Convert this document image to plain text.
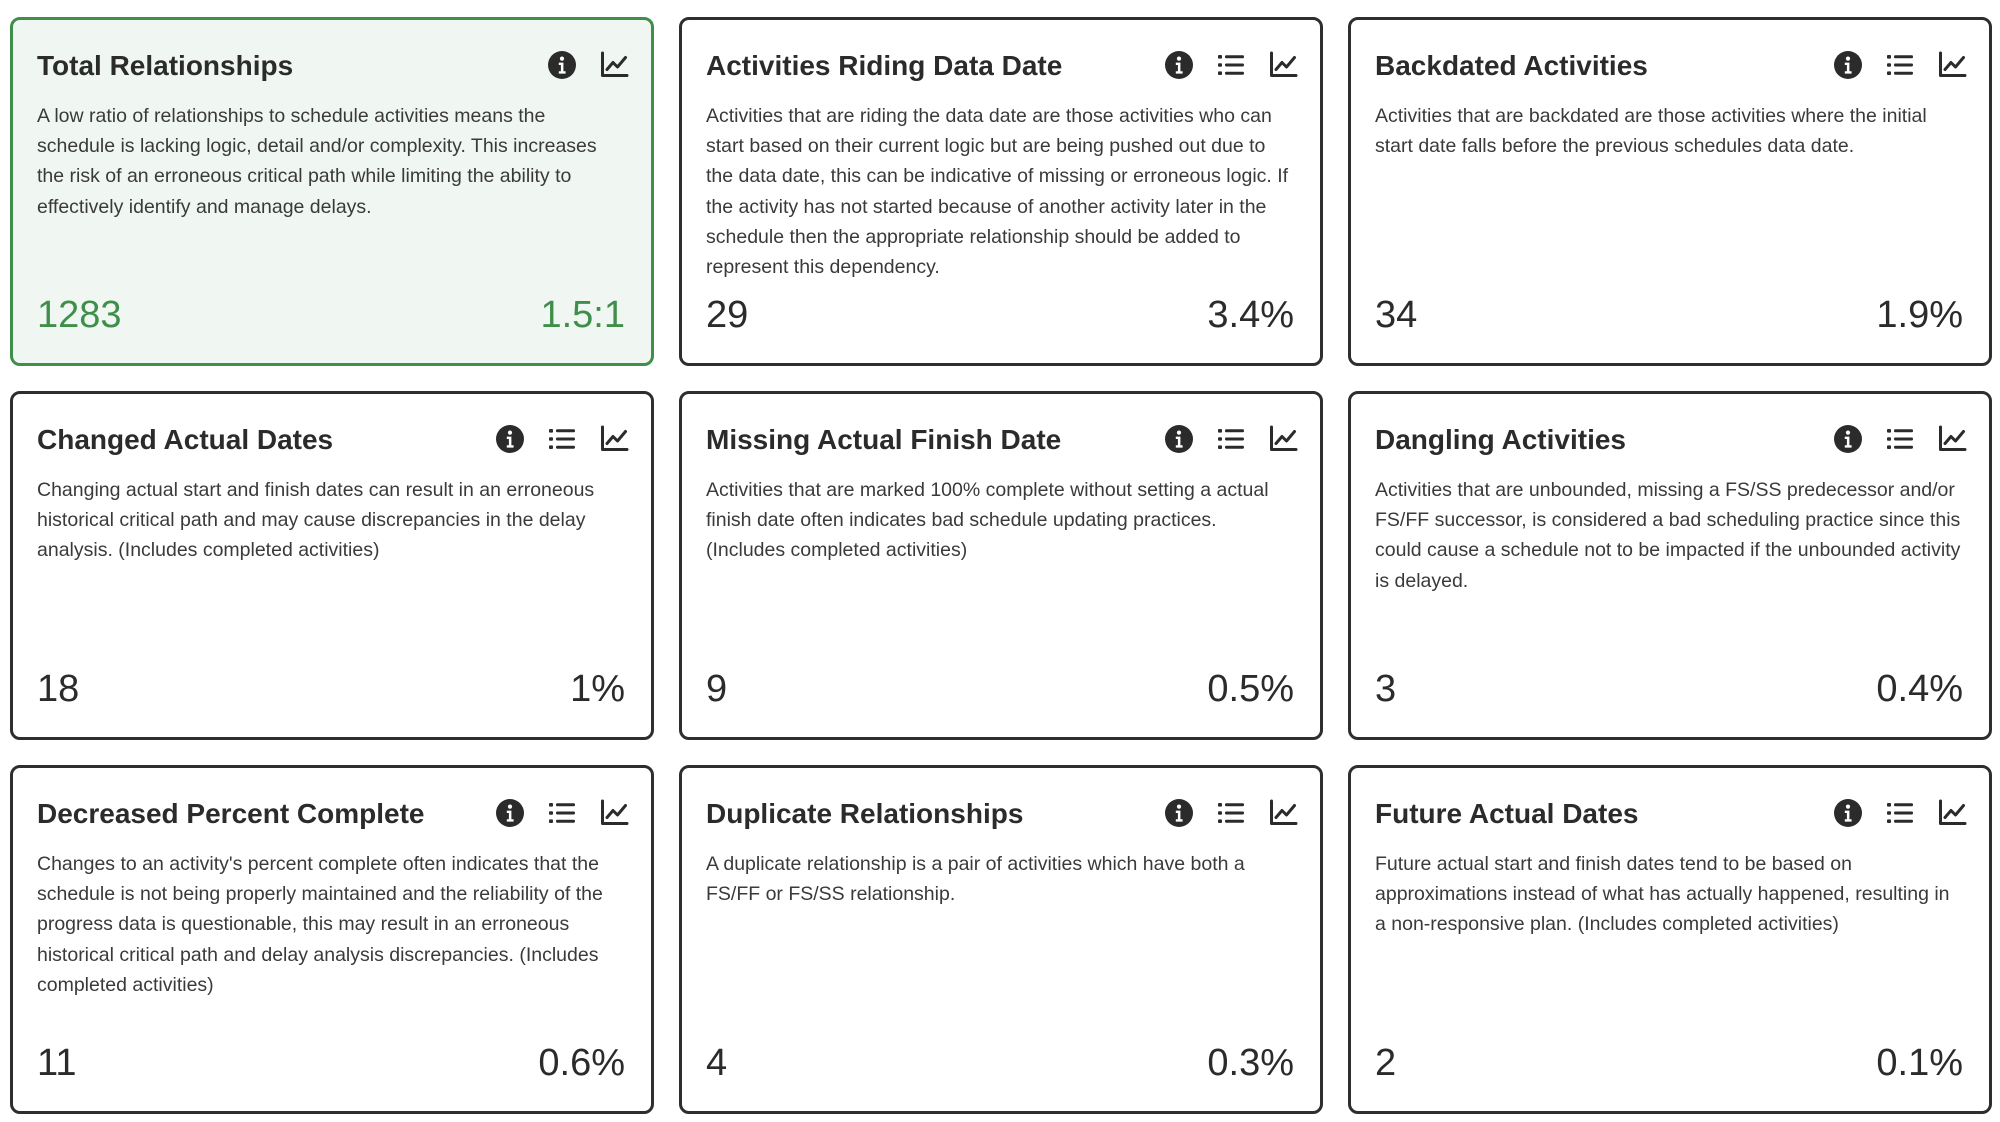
Total Relationships
A low ratio of relationships to schedule activities means the schedule is lacking logic, detail and/or complexity. This increases the risk of an erroneous critical path while limiting the ability to effectively identify and manage delays.
1283	1.5:1
Activities Riding Data Date
Activities that are riding the data date are those activities who can start based on their current logic but are being pushed out due to the data date, this can be indicative of missing or erroneous logic. If the activity has not started because of another activity later in the schedule then the appropriate relationship should be added to represent this dependency.
29	3.4%
Backdated Activities
Activities that are backdated are those activities where the initial start date falls before the previous schedules data date.
34	1.9%
Changed Actual Dates
Changing actual start and finish dates can result in an erroneous historical critical path and may cause discrepancies in the delay analysis. (Includes completed activities)
18	1%
Missing Actual Finish Date
Activities that are marked 100% complete without setting a actual finish date often indicates bad schedule updating practices. (Includes completed activities)
9	0.5%
Dangling Activities
Activities that are unbounded, missing a FS/SS predecessor and/or FS/FF successor, is considered a bad scheduling practice since this could cause a schedule not to be impacted if the unbounded activity is delayed.
3	0.4%
Decreased Percent Complete
Changes to an activity's percent complete often indicates that the schedule is not being properly maintained and the reliability of the progress data is questionable, this may result in an erroneous historical critical path and delay analysis discrepancies. (Includes completed activities)
11	0.6%
Duplicate Relationships
A duplicate relationship is a pair of activities which have both a FS/FF or FS/SS relationship.
4	0.3%
Future Actual Dates
Future actual start and finish dates tend to be based on approximations instead of what has actually happened, resulting in a non-responsive plan. (Includes completed activities)
2	0.1%
